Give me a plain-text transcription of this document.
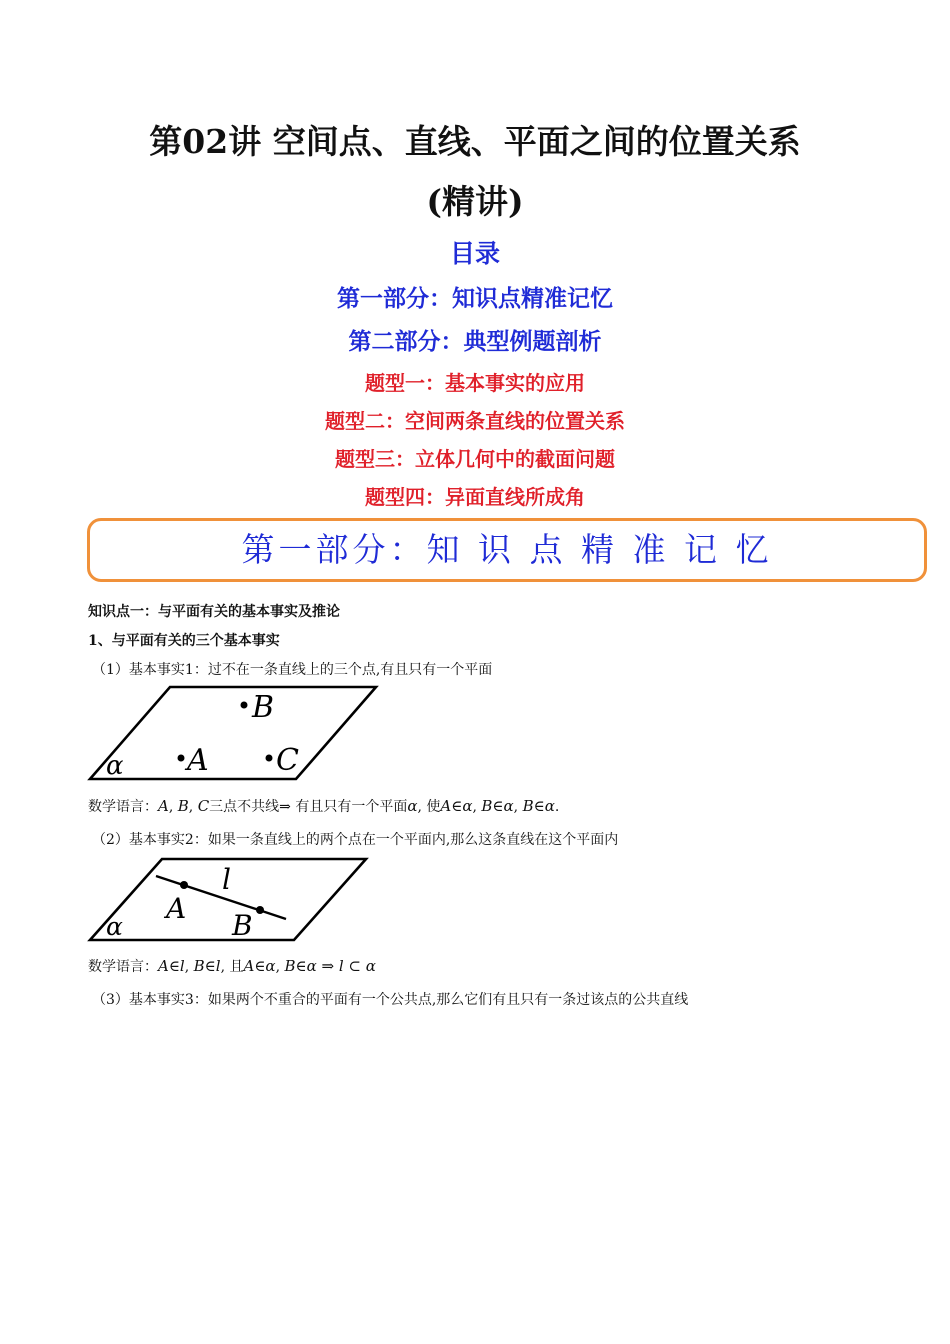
第02讲 空间点、直线、平面之间的位置关系
(精讲)
目录
第一部分：知识点精准记忆
第二部分：典型例题剖析
题型一：基本事实的应用
题型二：空间两条直线的位置关系
题型三：立体几何中的截面问题
题型四：异面直线所成角
第一部分：知 识 点 精 准 记 忆
知识点一：与平面有关的基本事实及推论
1、与平面有关的三个基本事实
（1）基本事实1：过不在一条直线上的三个点,有且只有一个平面
B
A C
α
数学语言：A, B, C三点不共线⇒ 有且只有一个平面α, 使A∈α, B∈α, B∈α.
（2）基本事实2：如果一条直线上的两个点在一个平面内,那么这条直线在这个平面内
l
A
B
α
数学语言：A∈l, B∈l, 且A∈α, B∈α ⇒ l ⊂ α
（3）基本事实3：如果两个不重合的平面有一个公共点,那么它们有且只有一条过该点的公共直线
